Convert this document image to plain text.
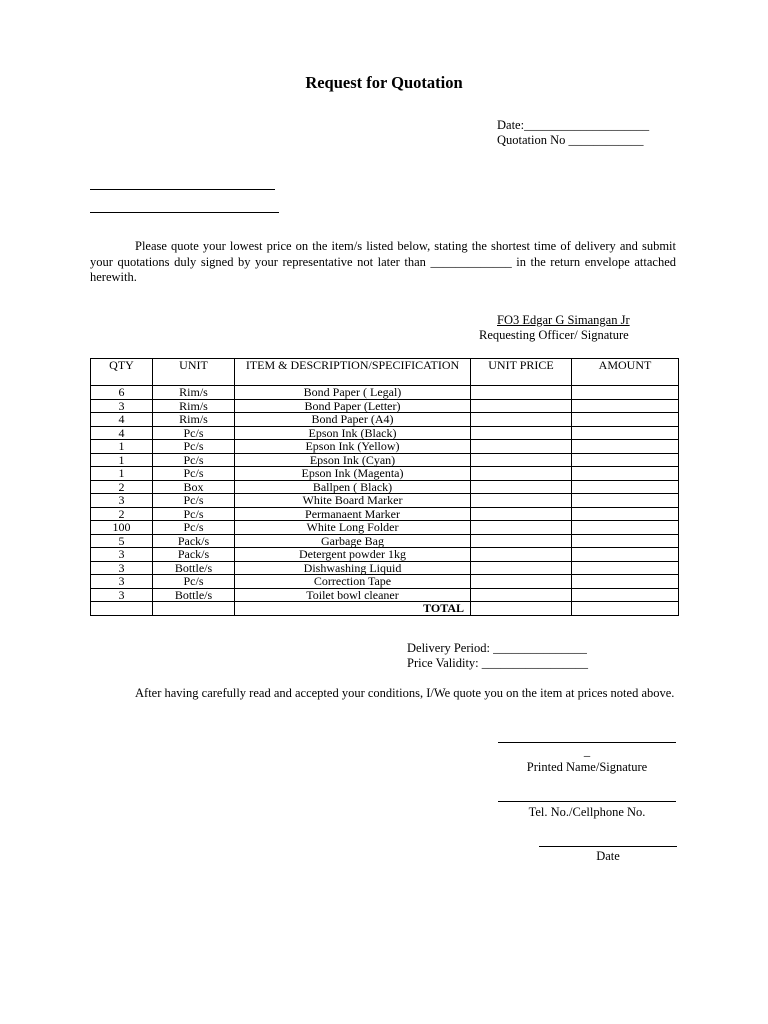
Request for Quotation
Date:____________________
Quotation No ____________
Please quote your lowest price on the item/s listed below, stating the shortest time of delivery and submit your quotations duly signed by your representative not later than _____________ in the return envelope attached herewith.
FO3 Edgar G Simangan Jr
Requesting Officer/ Signature
QTY	UNIT	ITEM & DESCRIPTION/SPECIFICATION	UNIT PRICE	AMOUNT
6	Rim/s	Bond Paper ( Legal)		
3	Rim/s	Bond Paper (Letter)		
4	Rim/s	Bond Paper (A4)		
4	Pc/s	Epson Ink (Black)		
1	Pc/s	Epson Ink (Yellow)		
1	Pc/s	Epson Ink (Cyan)		
1	Pc/s	Epson Ink (Magenta)		
2	Box	Ballpen ( Black)		
3	Pc/s	White Board Marker		
2	Pc/s	Permanaent Marker		
100	Pc/s	White Long Folder		
5	Pack/s	Garbage Bag		
3	Pack/s	Detergent powder 1kg		
3	Bottle/s	Dishwashing Liquid		
3	Pc/s	Correction Tape		
3	Bottle/s	Toilet bowl cleaner		
		TOTAL		
Delivery Period: _______________
Price Validity: _________________
After having carefully read and accepted your conditions, I/We quote you on the item at prices noted above.
_
Printed Name/Signature
Tel. No./Cellphone No.
Date
